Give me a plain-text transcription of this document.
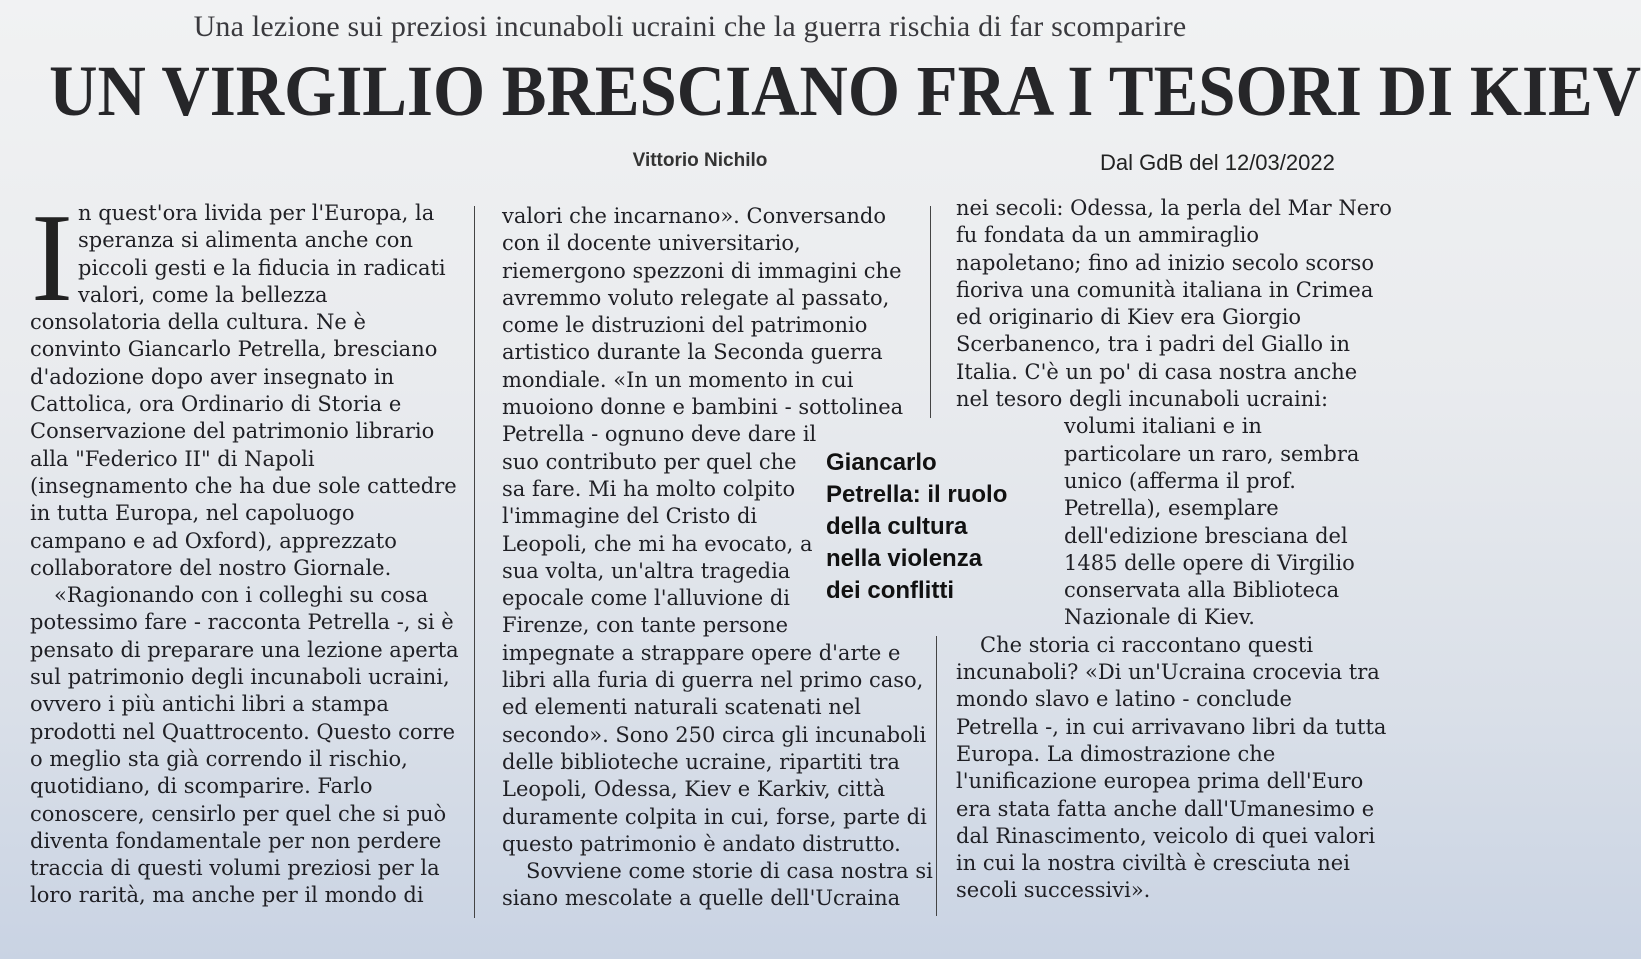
Una lezione sui preziosi incunaboli ucraini che la guerra rischia di far scomparire
UN VIRGILIO BRESCIANO FRA I TESORI DI KIEV
Vittorio Nichilo	Dal GdB del 12/03/2022
I n quest'ora livida per l'Europa, la

speranza si alimenta anche con

piccoli gesti e la fiducia in radicati

valori, come la bellezza

consolatoria della cultura. Ne è

convinto Giancarlo Petrella, bresciano

d'adozione dopo aver insegnato in

Cattolica, ora Ordinario di Storia e

Conservazione del patrimonio librario

alla "Federico II" di Napoli

(insegnamento che ha due sole cattedre

in tutta Europa, nel capoluogo

campano e ad Oxford), apprezzato

collaboratore del nostro Giornale.

«Ragionando con i colleghi su cosa

potessimo fare - racconta Petrella -, si è

pensato di preparare una lezione aperta

sul patrimonio degli incunaboli ucraini,

ovvero i più antichi libri a stampa

prodotti nel Quattrocento. Questo corre

o meglio sta già correndo il rischio,

quotidiano, di scomparire. Farlo

conoscere, censirlo per quel che si può

diventa fondamentale per non perdere

traccia di questi volumi preziosi per la

loro rarità, ma anche per il mondo di

valori che incarnano». Conversando

con il docente universitario,

riemergono spezzoni di immagini che

avremmo voluto relegate al passato,

come le distruzioni del patrimonio

artistico durante la Seconda guerra

mondiale. «In un momento in cui

muoiono donne e bambini - sottolinea

Petrella - ognuno deve dare il

suo contributo per quel che

sa fare. Mi ha molto colpito

l'immagine del Cristo di

Leopoli, che mi ha evocato, a

sua volta, un'altra tragedia

epocale come l'alluvione di

Firenze, con tante persone

impegnate a strappare opere d'arte e

libri alla furia di guerra nel primo caso,

ed elementi naturali scatenati nel

secondo». Sono 250 circa gli incunaboli

delle biblioteche ucraine, ripartiti tra

Leopoli, Odessa, Kiev e Karkiv, città

duramente colpita in cui, forse, parte di

questo patrimonio è andato distrutto.

Sovviene come storie di casa nostra si

siano mescolate a quelle dell'Ucraina

Giancarlo

Petrella: il ruolo

della cultura

nella violenza

dei conflitti

nei secoli: Odessa, la perla del Mar Nero

fu fondata da un ammiraglio

napoletano; fino ad inizio secolo scorso

fioriva una comunità italiana in Crimea

ed originario di Kiev era Giorgio

Scerbanenco, tra i padri del Giallo in

Italia. C'è un po' di casa nostra anche

nel tesoro degli incunaboli ucraini:

volumi italiani e in

particolare un raro, sembra

unico (afferma il prof.

Petrella), esemplare

dell'edizione bresciana del

1485 delle opere di Virgilio

conservata alla Biblioteca

Nazionale di Kiev.

Che storia ci raccontano questi

incunaboli? «Di un'Ucraina crocevia tra

mondo slavo e latino - conclude

Petrella -, in cui arrivavano libri da tutta

Europa. La dimostrazione che

l'unificazione europea prima dell'Euro

era stata fatta anche dall'Umanesimo e

dal Rinascimento, veicolo di quei valori

in cui la nostra civiltà è cresciuta nei

secoli successivi».
